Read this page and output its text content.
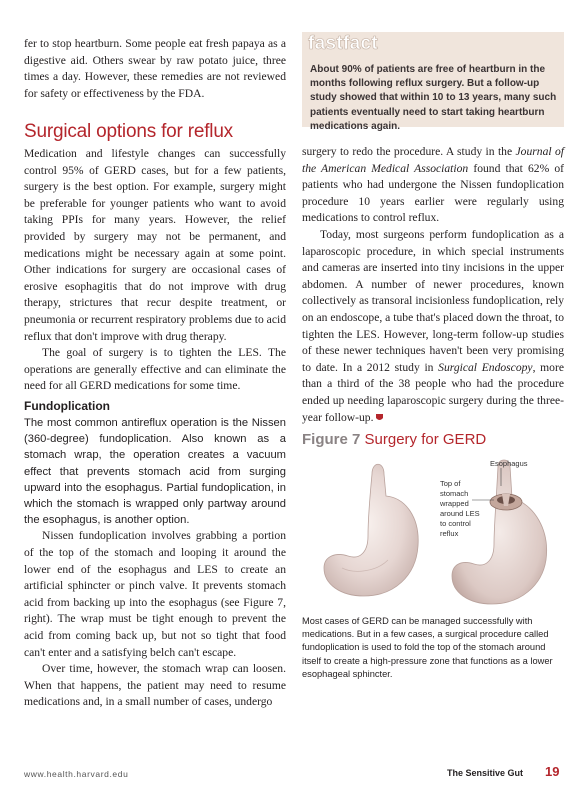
fer to stop heartburn. Some people eat fresh papaya as a digestive aid. Others swear by raw potato juice, three times a day. However, these remedies are not reviewed for safety or effectiveness by the FDA.

Surgical options for reflux

Medication and lifestyle changes can successfully control 95% of GERD cases, but for a few patients, surgery is the best option. For example, surgery might be preferable for younger patients who want to avoid taking PPIs for many years. However, the relief provided by surgery may not be permanent, and medications might be necessary again at some point. Other indications for surgery are occasional cases of erosive esophagitis that do not improve with drug therapy, strictures that recur despite treatment, or pneumonia or recurrent respiratory problems due to acid reflux that don't improve with drug therapy.

The goal of surgery is to tighten the LES. The operations are generally effective and can eliminate the need for all GERD medications for some time.

Fundoplication

The most common antireflux operation is the Nissen (360-degree) fundoplication. Also known as a stomach wrap, the operation creates a vacuum effect that prevents stomach acid from surging upward into the esophagus. Partial fundoplication, in which the stomach is wrapped only partway around the esophagus, is another option.

Nissen fundoplication involves grabbing a portion of the top of the stomach and looping it around the lower end of the esophagus and LES to create an artificial sphincter or pinch valve. It prevents stomach acid from backing up into the esophagus (see Figure 7, right). The wrap must be tight enough to prevent the acid from coming back up, but not so tight that food can't enter and a satisfying belch can't escape.

Over time, however, the stomach wrap can loosen. When that happens, the patient may need to resume medications and, in a small number of cases, undergo

fastfact

About 90% of patients are free of heartburn in the months following reflux surgery. But a follow-up study showed that within 10 to 13 years, many such patients eventually need to start taking heartburn medications again.

surgery to redo the procedure. A study in the Journal of the American Medical Association found that 62% of patients who had undergone the Nissen fundoplication procedure 10 years earlier were regularly using medications to control reflux.

Today, most surgeons perform fundoplication as a laparoscopic procedure, in which special instruments and cameras are inserted into tiny incisions in the upper abdomen. A number of newer procedures, known collectively as transoral incisionless fundoplication, rely on an endoscope, a tube that's placed down the throat, to tighten the LES. However, long-term follow-up studies of these newer techniques haven't been very promising to date. In a 2012 study in Surgical Endoscopy, more than a third of the 38 people who had the procedure ended up needing laparoscopic surgery during the three-year follow-up.

Figure 7 Surgery for GERD

Esophagus
Top of
stomach
wrapped
around LES
to control
reflux

Most cases of GERD can be managed successfully with medications. But in a few cases, a surgical procedure called fundoplication is used to fold the top of the stomach around itself to create a high-pressure zone that functions as a lower esophageal sphincter.

www.health.harvard.edu	The Sensitive Gut 19
